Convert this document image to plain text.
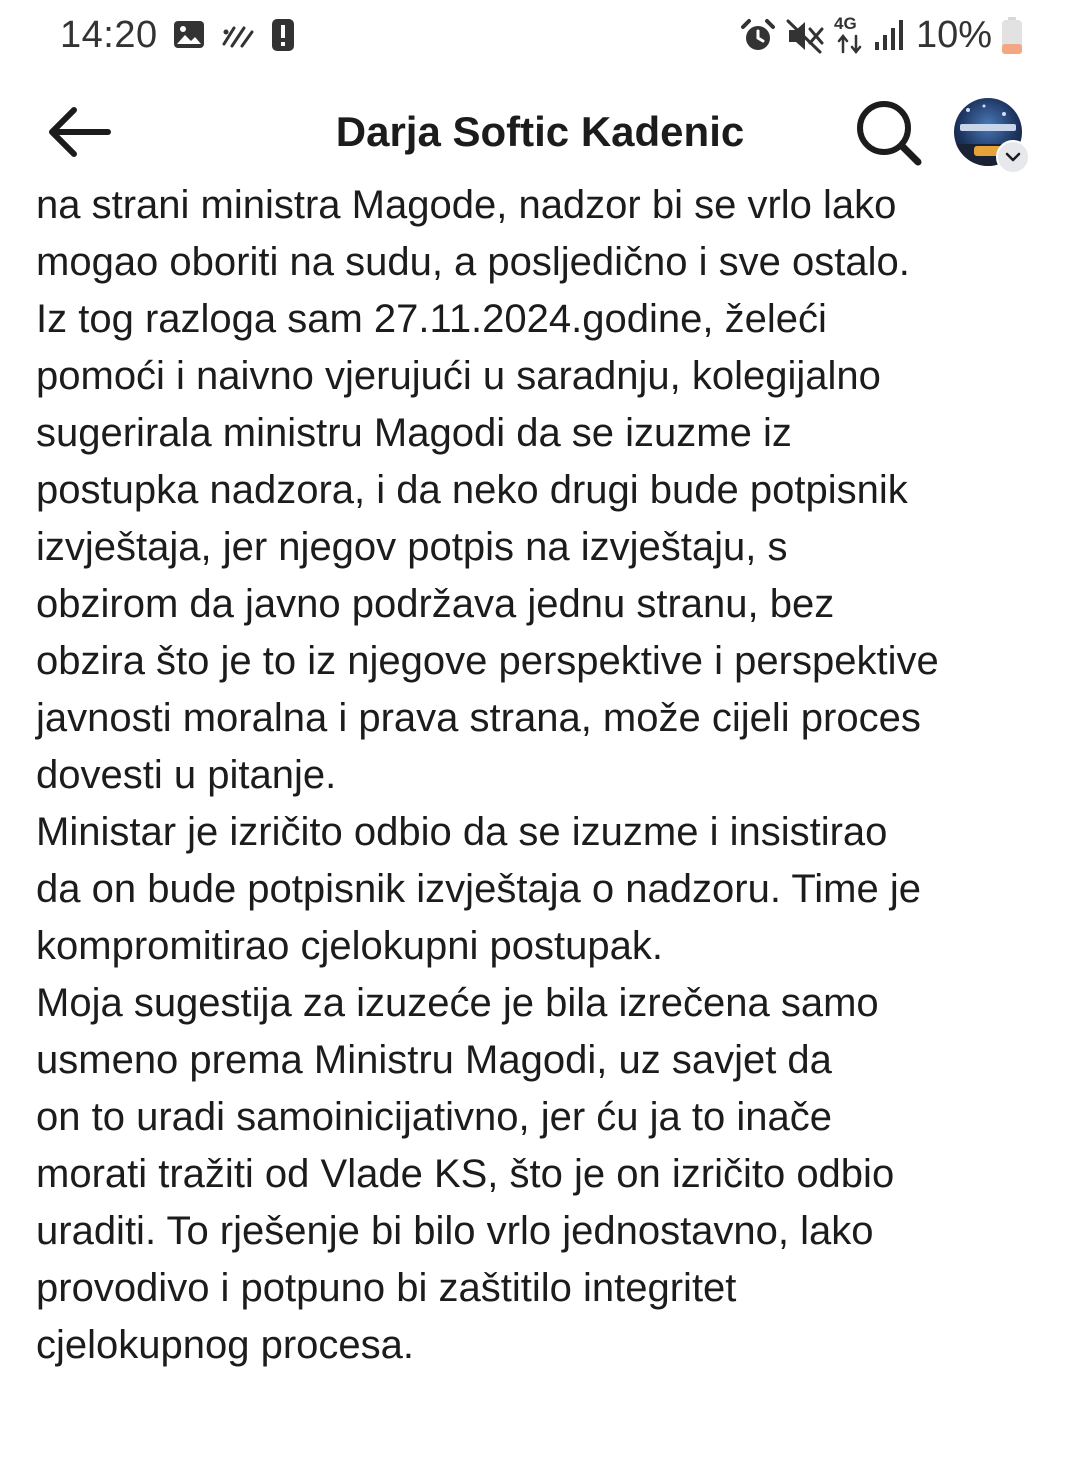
14:20	4G 10%
Darja Softic Kadenic

na strani ministra Magode, nadzor bi se vrlo lako
mogao oboriti na sudu, a posljedično i sve ostalo.
Iz tog razloga sam 27.11.2024.godine, želeći
pomoći i naivno vjerujući u saradnju, kolegijalno
sugerirala ministru Magodi da se izuzme iz
postupka nadzora, i da neko drugi bude potpisnik
izvještaja, jer njegov potpis na izvještaju, s
obzirom da javno podržava jednu stranu, bez
obzira što je to iz njegove perspektive i perspektive
javnosti moralna i prava strana, može cijeli proces
dovesti u pitanje.
Ministar je izričito odbio da se izuzme i insistirao
da on bude potpisnik izvještaja o nadzoru. Time je
kompromitirao cjelokupni postupak.
Moja sugestija za izuzeće je bila izrečena samo
usmeno prema Ministru Magodi, uz savjet da
on to uradi samoinicijativno, jer ću ja to inače
morati tražiti od Vlade KS, što je on izričito odbio
uraditi. To rješenje bi bilo vrlo jednostavno, lako
provodivo i potpuno bi zaštitilo integritet
cjelokupnog procesa.
